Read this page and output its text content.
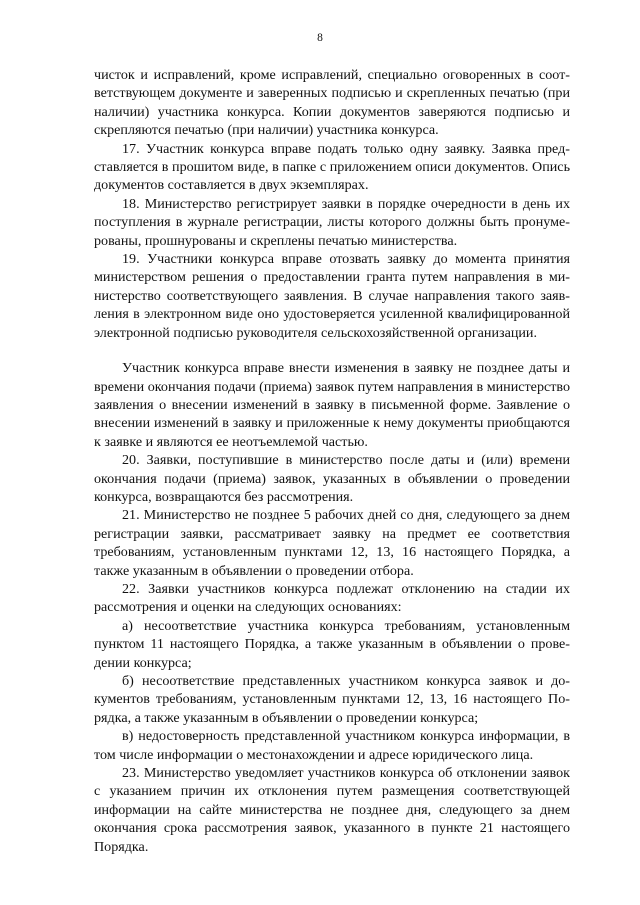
8

чисток и исправлений, кроме исправлений, специально оговоренных в соответствующем документе и заверенных подписью и скрепленных печатью (при наличии) участника конкурса. Копии документов заверяются подписью и скрепляются печатью (при наличии) участника конкурса.

17. Участник конкурса вправе подать только одну заявку. Заявка представляется в прошитом виде, в папке с приложением описи документов. Опись документов составляется в двух экземплярах.

18. Министерство регистрирует заявки в порядке очередности в день их поступления в журнале регистрации, листы которого должны быть пронумерованы, прошнурованы и скреплены печатью министерства.

19. Участники конкурса вправе отозвать заявку до момента принятия министерством решения о предоставлении гранта путем направления в министерство соответствующего заявления. В случае направления такого заявления в электронном виде оно удостоверяется усиленной квалифицированной электронной подписью руководителя сельскохозяйственной организации.

Участник конкурса вправе внести изменения в заявку не позднее даты и времени окончания подачи (приема) заявок путем направления в министерство заявления о внесении изменений в заявку в письменной форме. Заявление о внесении изменений в заявку и приложенные к нему документы приобщаются к заявке и являются ее неотъемлемой частью.

20. Заявки, поступившие в министерство после даты и (или) времени окончания подачи (приема) заявок, указанных в объявлении о проведении конкурса, возвращаются без рассмотрения.

21. Министерство не позднее 5 рабочих дней со дня, следующего за днем регистрации заявки, рассматривает заявку на предмет ее соответствия требованиям, установленным пунктами 12, 13, 16 настоящего Порядка, а также указанным в объявлении о проведении отбора.

22. Заявки участников конкурса подлежат отклонению на стадии их рассмотрения и оценки на следующих основаниях:

а) несоответствие участника конкурса требованиям, установленным пунктом 11 настоящего Порядка, а также указанным в объявлении о проведении конкурса;

б) несоответствие представленных участником конкурса заявок и документов требованиям, установленным пунктами 12, 13, 16 настоящего Порядка, а также указанным в объявлении о проведении конкурса;

в) недостоверность представленной участником конкурса информации, в том числе информации о местонахождении и адресе юридического лица.

23. Министерство уведомляет участников конкурса об отклонении заявок с указанием причин их отклонения путем размещения соответствующей информации на сайте министерства не позднее дня, следующего за днем окончания срока рассмотрения заявок, указанного в пункте 21 настоящего Порядка.
